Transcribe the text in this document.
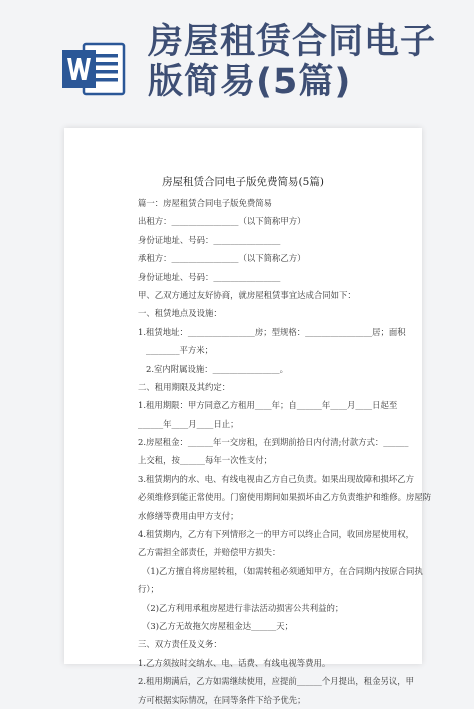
房屋租赁合同电子
版简易(5篇)
房屋租赁合同电子版免费简易(5篇)
篇一：房屋租赁合同电子版免费简易
出租方：________________（以下简称甲方）
身份证地址、号码：________________
承租方：________________（以下简称乙方）
身份证地址、号码：________________
甲、乙双方通过友好协商，就房屋租赁事宜达成合同如下：
一、租赁地点及设施：
1.租赁地址：________________房；型规格：________________居；面积
________平方米；
2.室内附属设施：________________。
二、租用期限及其约定：
1.租用期限：甲方同意乙方租用____年；自______年____月____日起至
______年____月____日止；
2.房屋租金：______年一交房租，在到期前拾日内付清;付款方式：______
上交租，按______每年一次性支付；
3.租赁期内的水、电、有线电视由乙方自己负责。如果出现故障和损坏乙方
必须维修到能正常使用。门窗使用期间如果损坏由乙方负责维护和维修。房屋防
水修缮等费用由甲方支付；
4.租赁期内，乙方有下列情形之一的甲方可以终止合同，收回房屋使用权，
乙方需担全部责任，并赔偿甲方损失：
（1)乙方擅自将房屋转租，（如需转租必须通知甲方，在合同期内按原合同执
行）；
（2)乙方利用承租房屋进行非法活动损害公共利益的；
（3)乙方无故拖欠房屋租金达______天；
三、双方责任及义务：
1.乙方须按时交纳水、电、话费、有线电视等费用。
2.租用期满后，乙方如需继续使用，应提前______个月提出，租金另议，甲
方可根据实际情况，在同等条件下给予优先；
